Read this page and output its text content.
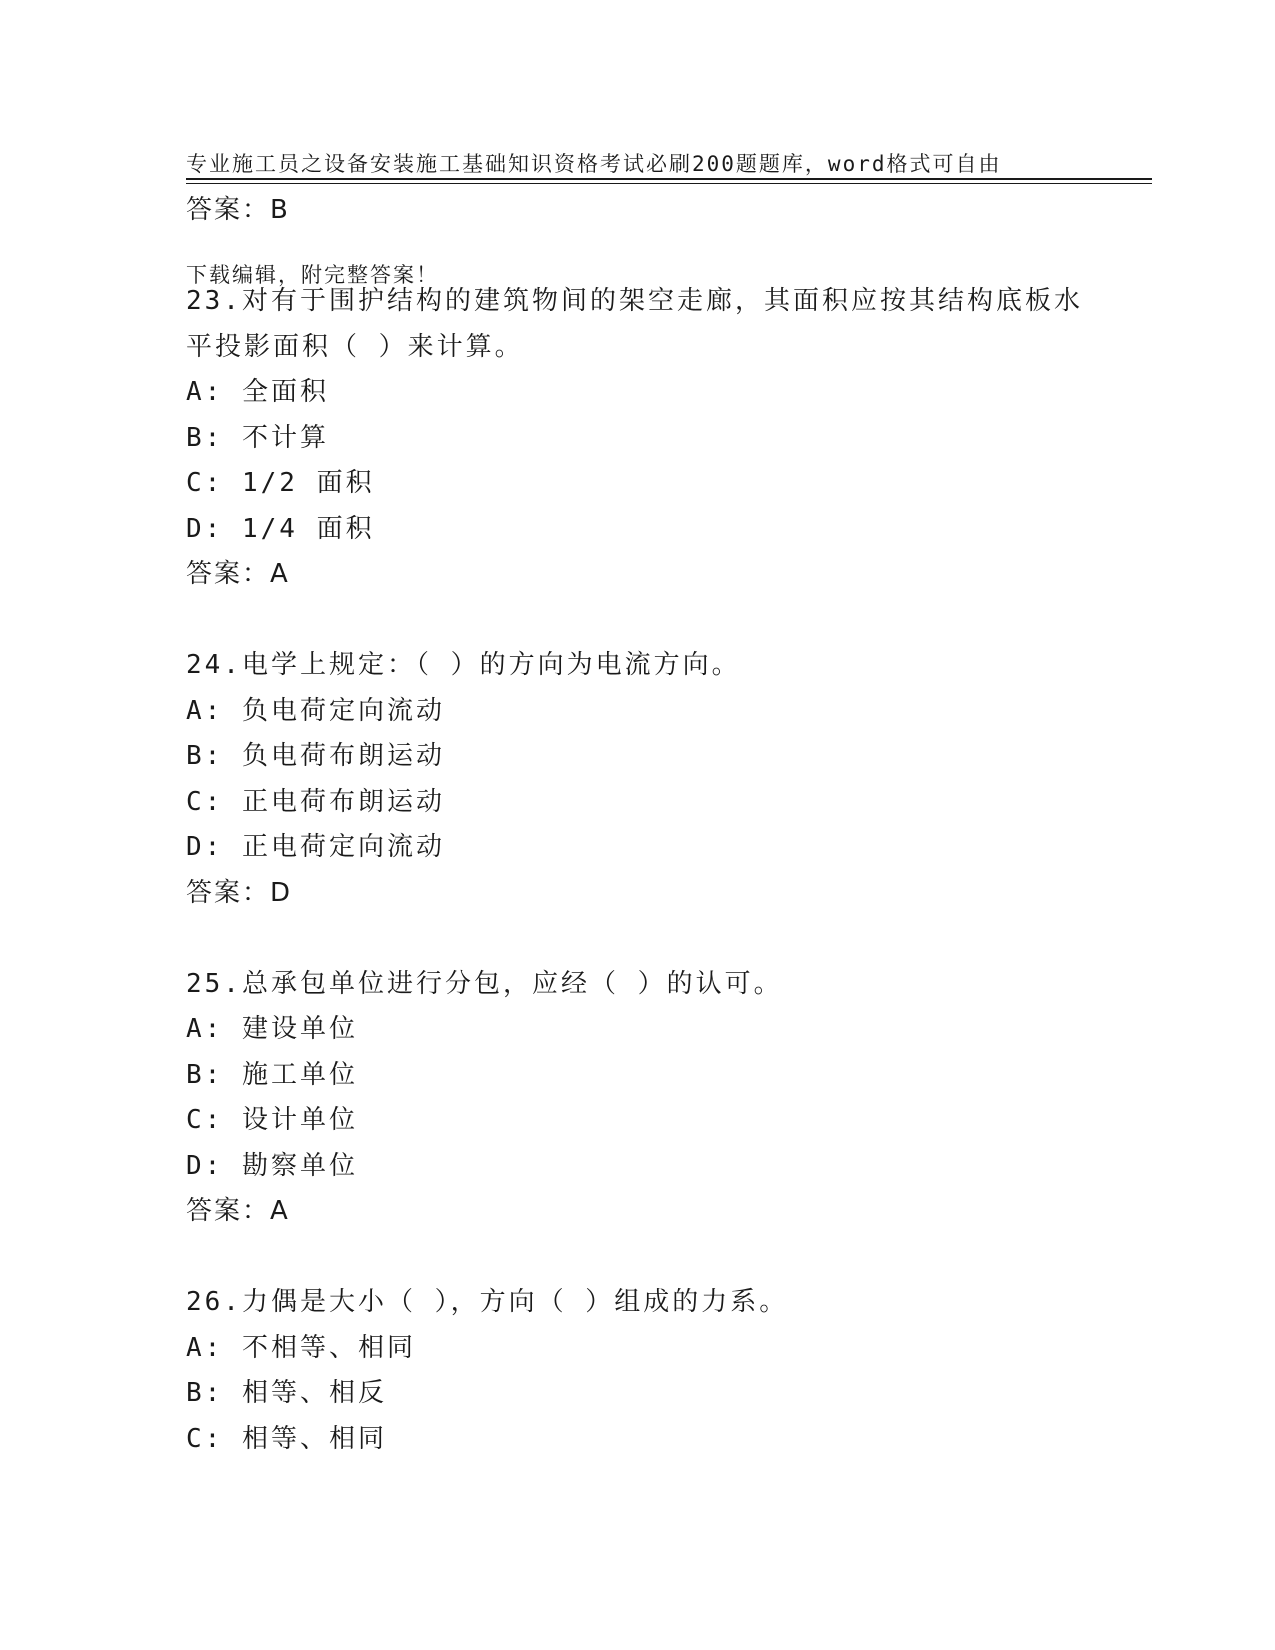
专业施工员之设备安装施工基础知识资格考试必刷200题题库，word格式可自由

下载编辑，附完整答案！

答案：B
23.对有于围护结构的建筑物间的架空走廊，其面积应按其结构底板水
平投影面积（ ）来计算。
A: 全面积
B: 不计算
C: 1/2 面积
D: 1/4 面积
答案：A
24.电学上规定：（ ）的方向为电流方向。
A: 负电荷定向流动
B: 负电荷布朗运动
C: 正电荷布朗运动
D: 正电荷定向流动
答案：D
25.总承包单位进行分包，应经（ ）的认可。
A: 建设单位
B: 施工单位
C: 设计单位
D: 勘察单位
答案：A
26.力偶是大小（ ），方向（ ）组成的力系。
A: 不相等、相同
B: 相等、相反
C: 相等、相同
